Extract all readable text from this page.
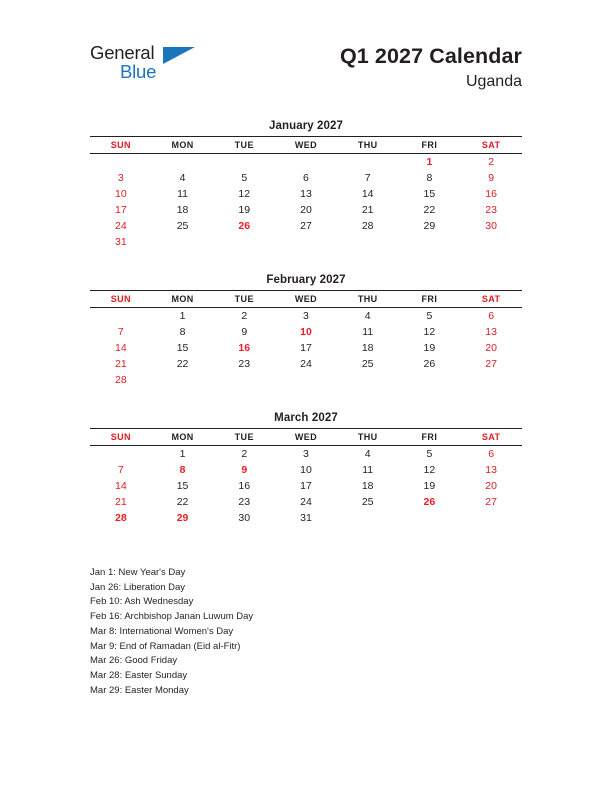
General
Blue
Q1 2027 Calendar
Uganda
January 2027
SUN	MON	TUE	WED	THU	FRI	SAT
					1	2
3	4	5	6	7	8	9
10	11	12	13	14	15	16
17	18	19	20	21	22	23
24	25	26	27	28	29	30
31						
February 2027
SUN	MON	TUE	WED	THU	FRI	SAT
	1	2	3	4	5	6
7	8	9	10	11	12	13
14	15	16	17	18	19	20
21	22	23	24	25	26	27
28						
March 2027
SUN	MON	TUE	WED	THU	FRI	SAT
	1	2	3	4	5	6
7	8	9	10	11	12	13
14	15	16	17	18	19	20
21	22	23	24	25	26	27
28	29	30	31			
Jan 1: New Year's Day
Jan 26: Liberation Day
Feb 10: Ash Wednesday
Feb 16: Archbishop Janan Luwum Day
Mar 8: International Women's Day
Mar 9: End of Ramadan (Eid al-Fitr)
Mar 26: Good Friday
Mar 28: Easter Sunday
Mar 29: Easter Monday
